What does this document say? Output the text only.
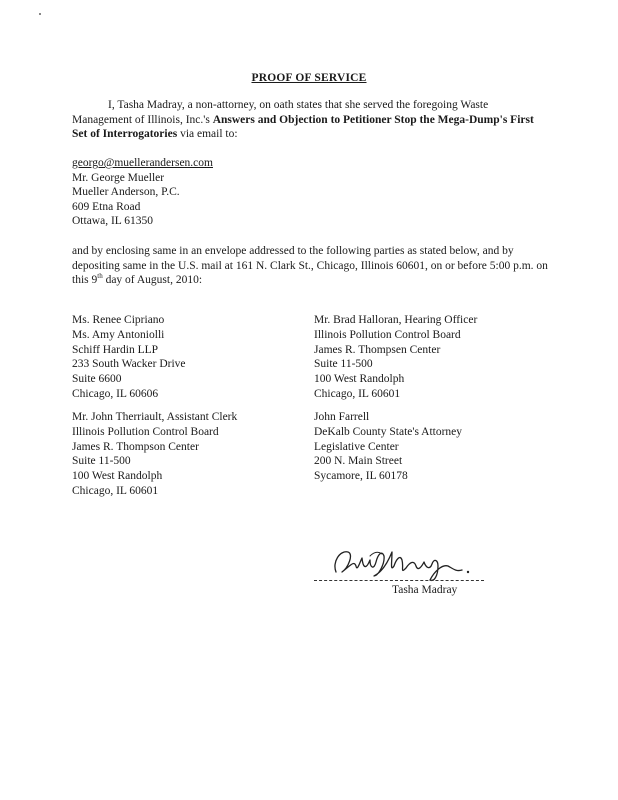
PROOF OF SERVICE
I, Tasha Madray, a non-attorney, on oath states that she served the foregoing Waste Management of Illinois, Inc.'s Answers and Objection to Petitioner Stop the Mega-Dump's First Set of Interrogatories via email to:
georgo@muellerandersen.com
Mr. George Mueller
Mueller Anderson, P.C.
609 Etna Road
Ottawa, IL 61350
and by enclosing same in an envelope addressed to the following parties as stated below, and by depositing same in the U.S. mail at 161 N. Clark St., Chicago, Illinois 60601, on or before 5:00 p.m. on this 9th day of August, 2010:
Ms. Renee Cipriano
Ms. Amy Antoniolli
Schiff Hardin LLP
233 South Wacker Drive
Suite 6600
Chicago, IL 60606
Mr. Brad Halloran, Hearing Officer
Illinois Pollution Control Board
James R. Thompsen Center
Suite 11-500
100 West Randolph
Chicago, IL 60601
Mr. John Therriault, Assistant Clerk
Illinois Pollution Control Board
James R. Thompson Center
Suite 11-500
100 West Randolph
Chicago, IL 60601
John Farrell
DeKalb County State's Attorney
Legislative Center
200 N. Main Street
Sycamore, IL 60178
Tasha Madray
